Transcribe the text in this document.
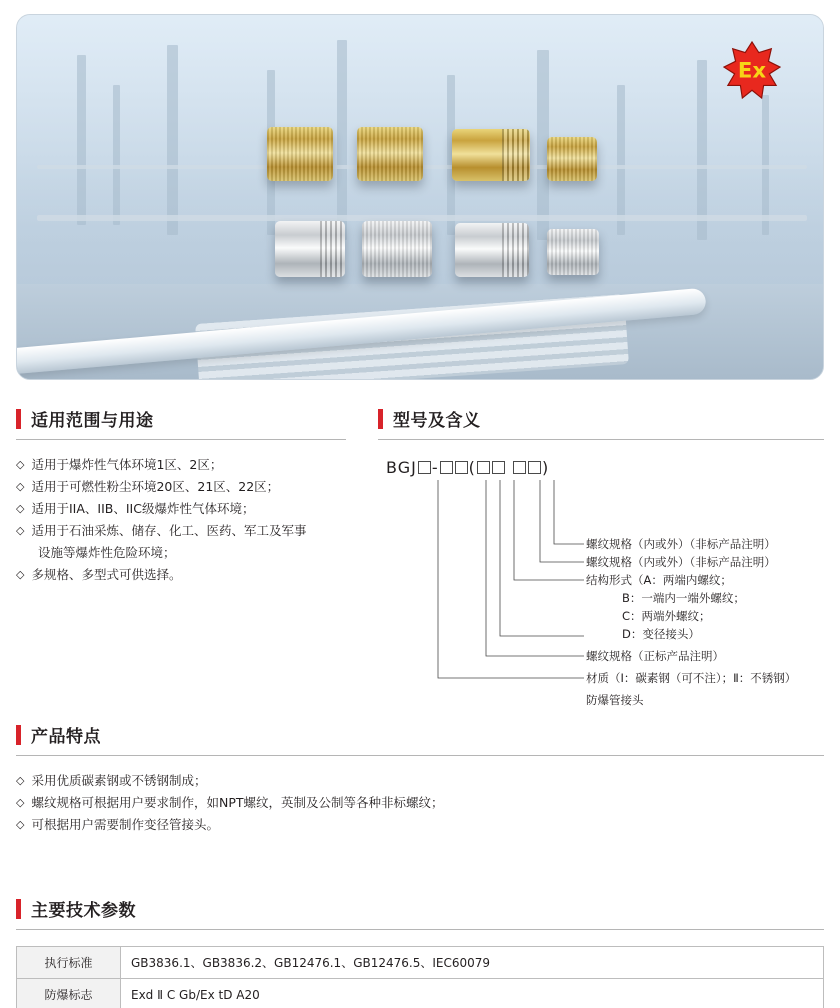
Ex
适用范围与用途
◇ 适用于爆炸性气体环境1区、2区；
◇ 适用于可燃性粉尘环境20区、21区、22区；
◇ 适用于IIA、IIB、IIC级爆炸性气体环境；
◇ 适用于石油采炼、储存、化工、医药、军工及军事
设施等爆炸性危险环境；
◇ 多规格、多型式可供选择。
型号及含义
BGJ - (	)
螺纹规格（内或外）（非标产品注明）
螺纹规格（内或外）（非标产品注明）
结构形式（A：两端内螺纹；
B：一端内一端外螺纹；
C：两端外螺纹；
D：变径接头）
螺纹规格（正标产品注明）
材质（Ⅰ：碳素钢（可不注）；Ⅱ：不锈钢）
防爆管接头
产品特点
◇ 采用优质碳素钢或不锈钢制成；
◇ 螺纹规格可根据用户要求制作，如NPT螺纹，英制及公制等各种非标螺纹；
◇ 可根据用户需要制作变径管接头。
主要技术参数
执行标准	GB3836.1、GB3836.2、GB12476.1、GB12476.5、IEC60079
防爆标志	Exd Ⅱ C Gb/Ex tD A20
